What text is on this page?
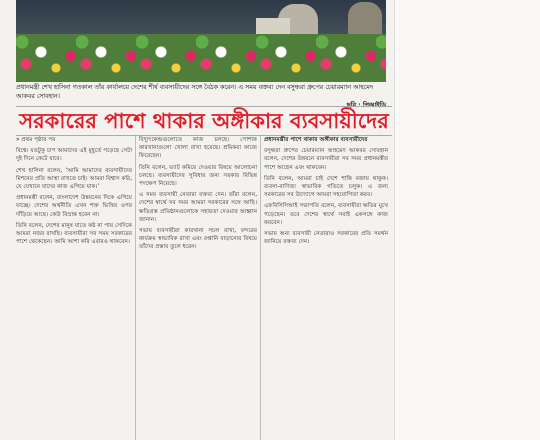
প্রধানমন্ত্রী শেখ হাসিনা গতকাল তাঁর কার্যালয়ে দেশের শীর্ষ ব্যবসায়ীদের সঙ্গে বৈঠক করেন। এ সময় বক্তব্য দেন বসুন্ধরা গ্রুপের চেয়ারম্যান আহমেদ আকবর সোবহান।
ছবি : পিআইডি
সরকারের পাশে থাকার অঙ্গীকার ব্যবসায়ীদের

» প্রথম পৃষ্ঠার পর

বিশ্বে। যতটুকু চাপ আমাদের এই মুহূর্তে পড়েছে সেটা দুই দিনে কেটে যাবে।

শেখ হাসিনা বলেন, ‘আমি আমাদের ব্যবসায়ীদের মিশনের প্রতি আস্থা রাখতে চাই। আমরা বিশ্বাস করি, যে যেখানে যাদের কাজ এগিয়ে যাক।’

প্রধানমন্ত্রী বলেন, বাংলাদেশ উন্নয়নের দিকে এগিয়ে যাচ্ছে। দেশের অর্থনীতি এখন শক্ত ভিত্তির ওপর দাঁড়িয়ে আছে। কেউ বিভ্রান্ত হবেন না।

তিনি বলেন, দেশের মানুষ যাতে কষ্ট না পায় সেদিকে আমরা নজর রাখছি। ব্যবসায়ীরা সব সময় সরকারের পাশে থেকেছেন। আমি আশা করি এবারও থাকবেন।

বিদ্যুৎকেন্দ্রগুলোতে কাজ চলছে। পোশাক কারখানাগুলো খোলা রাখা হয়েছে। শ্রমিকরা কাজে ফিরেছেন।

তিনি বলেন, ভ্যাট কমিয়ে দেওয়ার বিষয়ে আলোচনা চলছে। ব্যবসায়ীদের সুবিধার জন্য সরকার বিভিন্ন পদক্ষেপ নিয়েছে।

এ সময় ব্যবসায়ী নেতারা বক্তব্য দেন। তাঁরা বলেন, দেশের স্বার্থে সব সময় আমরা সরকারের সঙ্গে আছি। ক্ষতিগ্রস্ত প্রতিষ্ঠানগুলোকে সহায়তা দেওয়ার আহ্বান জানান।

সভায় ব্যবসায়ীরা কারখানা সচল রাখা, বন্দরের কার্যক্রম স্বাভাবিক রাখা এবং রপ্তানি বাড়ানোর বিষয়ে তাঁদের প্রস্তাব তুলে ধরেন।

প্রধানমন্ত্রীর পাশে থাকার অঙ্গীকার ব্যবসায়ীদের

বসুন্ধরা গ্রুপের চেয়ারম্যান আহমেদ আকবর সোবহান বলেন, দেশের উন্নয়নে ব্যবসায়ীরা সব সময় প্রধানমন্ত্রীর পাশে আছেন এবং থাকবেন।

তিনি বলেন, আমরা চাই দেশে শান্তি বজায় থাকুক। ব্যবসা-বাণিজ্য স্বাভাবিক গতিতে চলুক। এ জন্য সরকারের সব উদ্যোগে আমরা সহযোগিতা করব।

এফবিসিসিআই সভাপতি বলেন, ব্যবসায়ীরা ক্ষতির মুখে পড়েছেন। তবে দেশের স্বার্থে সবাই একসঙ্গে কাজ করবেন।

সভায় অন্য ব্যবসায়ী নেতারাও সরকারের প্রতি সমর্থন জানিয়ে বক্তব্য দেন।
